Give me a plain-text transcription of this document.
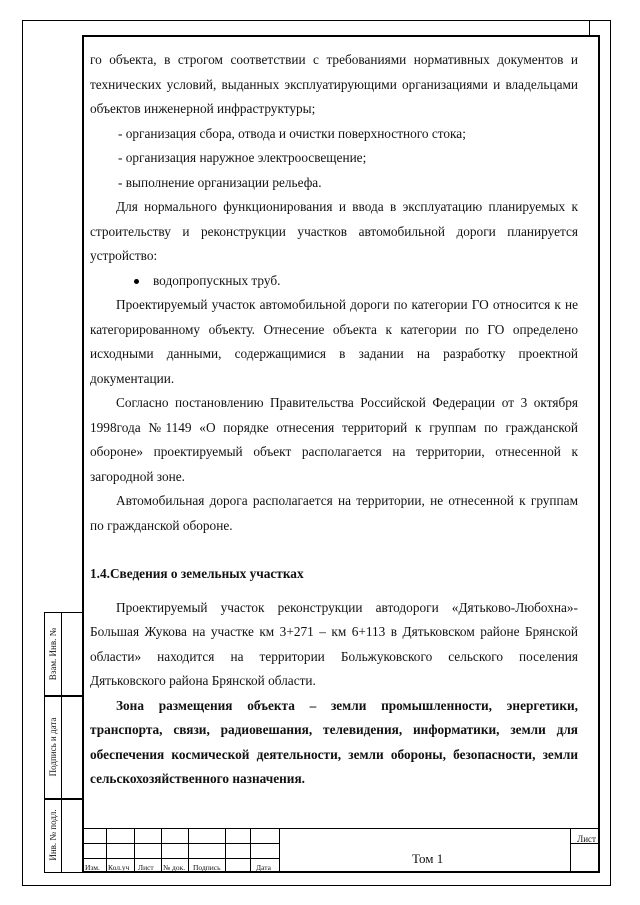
го объекта, в строгом соответствии с требованиями нормативных документов и технических условий, выданных эксплуатирующими организациями и владельцами объектов инженерной инфраструктуры;

- организация сбора, отвода и очистки поверхностного стока;

- организация наружное электроосвещение;

- выполнение организации рельефа.

Для нормального функционирования и ввода в эксплуатацию планируемых к строительству и реконструкции участков автомобильной дороги планируется устройство:

водопропускных труб.

Проектируемый участок автомобильной дороги по категории ГО относится к не категорированному объекту. Отнесение объекта к категории по ГО определено исходными данными, содержащимися в задании на разработку проектной документации.

Согласно постановлению Правительства Российской Федерации от 3 октября 1998года №1149 «О порядке отнесения территорий к группам по гражданской обороне» проектируемый объект располагается на территории, отнесенной к загородной зоне.

Автомобильная дорога располагается на территории, не отнесенной к группам по гражданской обороне.

1.4.Сведения о земельных участках

Проектируемый участок реконструкции автодороги «Дятьково-Любохна»-Большая Жукова на участке км 3+271 – км 6+113 в Дятьковском районе Брянской области» находится на территории Больжуковского сельского поселения Дятьковского района Брянской области.

Зона размещения объекта – земли промышленности, энергетики, транспорта, связи, радиовешания, телевидения, информатики, земли для обеспечения космической деятельности, земли обороны, безопасности, земли сельскохозяйственного назначения.

Взам. Инв. №
Подпись и дата
Инв. № подл.
Изм. Кол.уч Лист № док. Подпись	Дата
Том 1
Лист
